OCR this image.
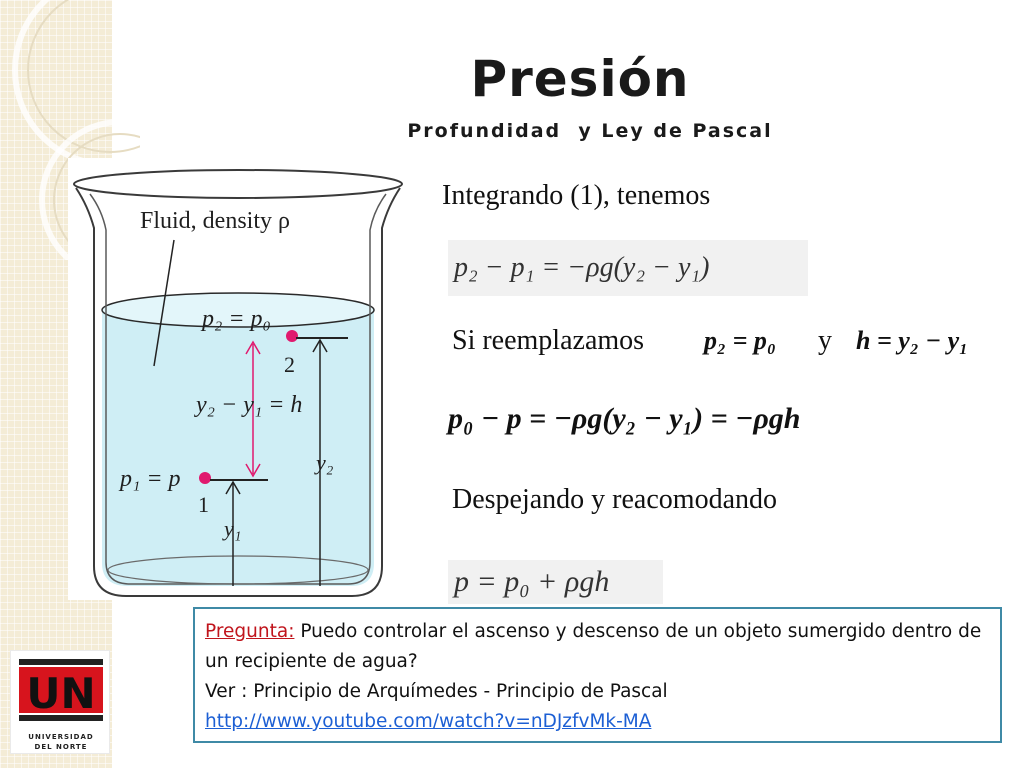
Presión
Profundidad  y Ley de Pascal
Fluid, density ρ
p₂ = p₀
2
y₂ − y₁ = h
y₂
p₁ = p
1
y₁
Integrando (1), tenemos
p₂ − p₁ = −ρg(y₂ − y₁)
Si reemplazamos p₂ = p₀ y h = y₂ − y₁
p₀ − p = −ρg(y₂ − y₁) = −ρgh
Despejando y reacomodando
p = p₀ + ρgh
Pregunta: Puedo controlar el ascenso y descenso de un objeto sumergido dentro de un recipiente de agua?
Ver : Principio de Arquímedes - Principio de Pascal
http://www.youtube.com/watch?v=nDJzfvMk-MA
UN
UNIVERSIDAD
DEL NORTE
